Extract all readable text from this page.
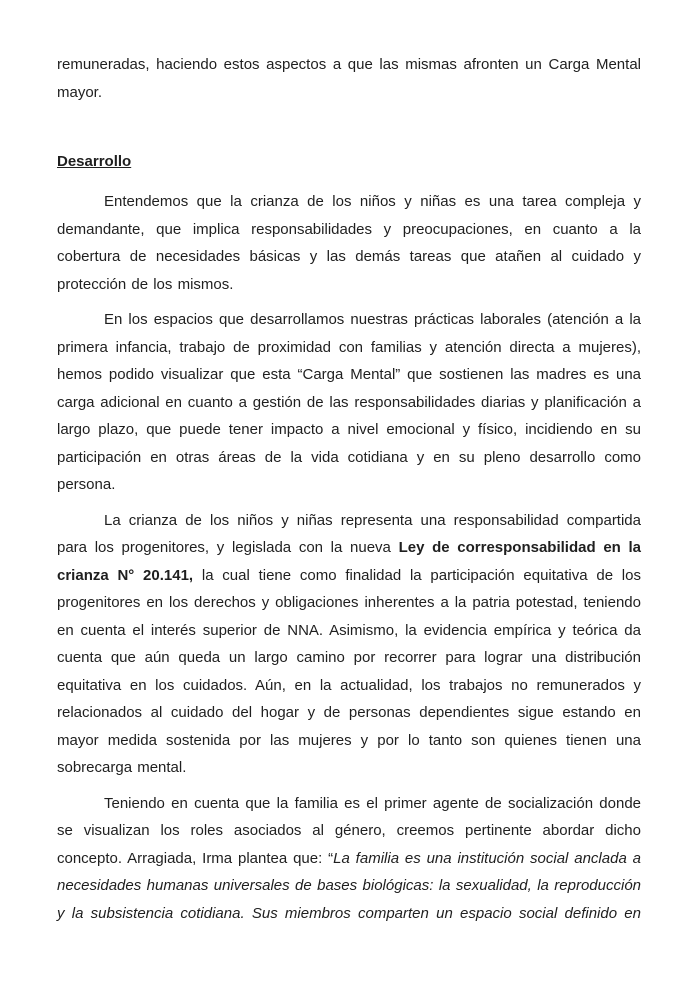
remuneradas, haciendo estos aspectos a que las mismas afronten un Carga Mental mayor.

Desarrollo

Entendemos que la crianza de los niños y niñas es una tarea compleja y demandante, que implica responsabilidades y preocupaciones, en cuanto a la cobertura de necesidades básicas y las demás tareas que atañen al cuidado y protección de los mismos.

En los espacios que desarrollamos nuestras prácticas laborales (atención a la primera infancia, trabajo de proximidad con familias y atención directa a mujeres), hemos podido visualizar que esta “Carga Mental” que sostienen las madres es una carga adicional en cuanto a gestión de las responsabilidades diarias y planificación a largo plazo, que puede tener impacto a nivel emocional y físico, incidiendo en su participación en otras áreas de la vida cotidiana y en su pleno desarrollo como persona.

La crianza de los niños y niñas representa una responsabilidad compartida para los progenitores, y legislada con la nueva Ley de corresponsabilidad en la crianza N° 20.141, la cual tiene como finalidad la participación equitativa de los progenitores en los derechos y obligaciones inherentes a la patria potestad, teniendo en cuenta el interés superior de NNA. Asimismo, la evidencia empírica y teórica da cuenta que aún queda un largo camino por recorrer para lograr una distribución equitativa en los cuidados. Aún, en la actualidad, los trabajos no remunerados y relacionados al cuidado del hogar y de personas dependientes sigue estando en mayor medida sostenida por las mujeres y por lo tanto son quienes tienen una sobrecarga mental.

Teniendo en cuenta que la familia es el primer agente de socialización donde se visualizan los roles asociados al género, creemos pertinente abordar dicho concepto. Arragiada, Irma plantea que: “La familia es una institución social anclada a necesidades humanas universales de bases biológicas: la sexualidad, la reproducción y la subsistencia cotidiana. Sus miembros comparten un espacio social definido en
